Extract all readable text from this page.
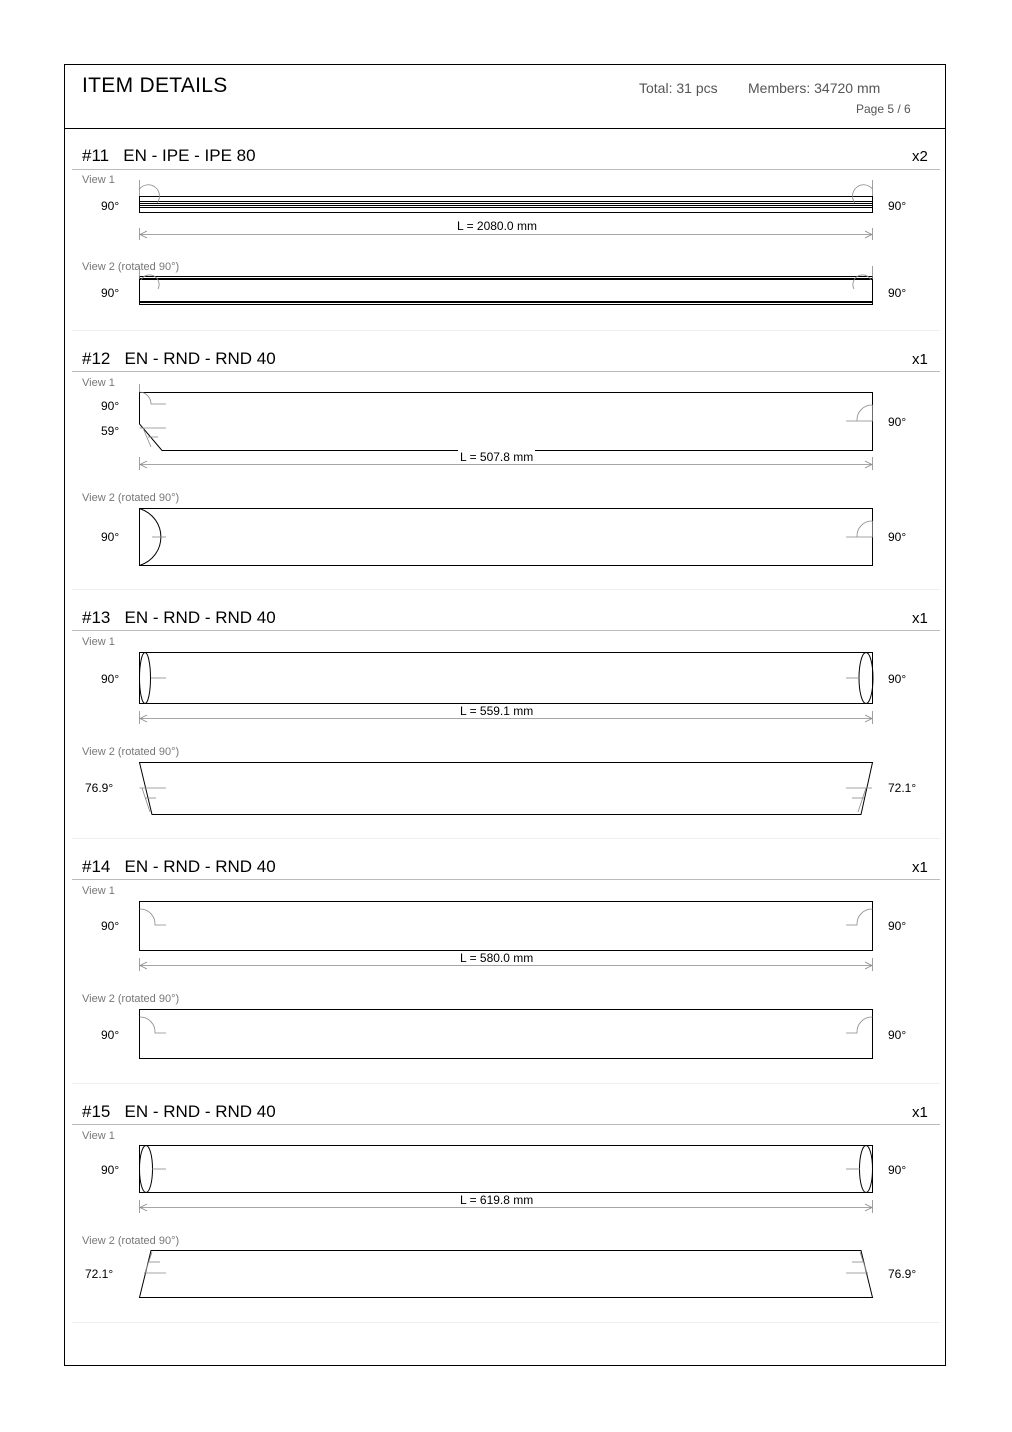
ITEM DETAILS	Total: 31 pcs Members: 34720 mm
Page 5 / 6
#11 EN - IPE - IPE 80	x2
View 1
90°	90°
L = 2080.0 mm
View 2 (rotated 90°)
90°	90°
#12 EN - RND - RND 40	x1
View 1
90°
59°
90°
L = 507.8 mm
View 2 (rotated 90°)
90°	90°
#13 EN - RND - RND 40	x1
View 1
90°	90°
L = 559.1 mm
View 2 (rotated 90°)
76.9°	72.1°
#14 EN - RND - RND 40	x1
View 1
90°	90°
L = 580.0 mm
View 2 (rotated 90°)
90°	90°
#15 EN - RND - RND 40	x1
View 1
90°	90°
L = 619.8 mm
View 2 (rotated 90°)
72.1°	76.9°
